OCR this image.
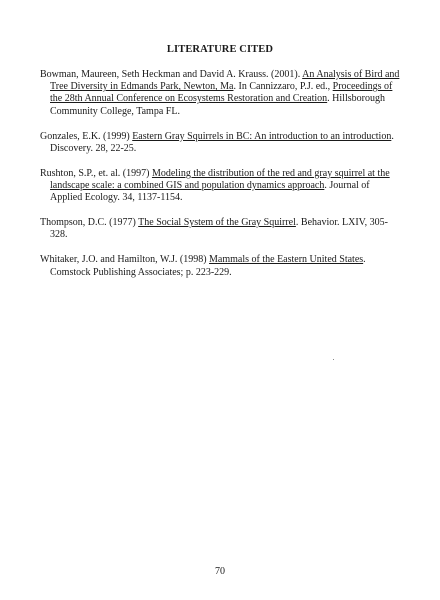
LITERATURE CITED
Bowman, Maureen, Seth Heckman and David A. Krauss. (2001). An Analysis of Bird and Tree Diversity in Edmands Park, Newton, Ma. In Cannizzaro, P.J. ed., Proceedings of the 28th Annual Conference on Ecosystems Restoration and Creation. Hillsborough Community College, Tampa FL.
Gonzales, E.K. (1999) Eastern Gray Squirrels in BC: An introduction to an introduction. Discovery. 28, 22-25.
Rushton, S.P., et. al. (1997) Modeling the distribution of the red and gray squirrel at the landscape scale: a combined GIS and population dynamics approach. Journal of Applied Ecology. 34, 1137-1154.
Thompson, D.C. (1977) The Social System of the Gray Squirrel. Behavior. LXIV, 305-328.
Whitaker, J.O. and Hamilton, W.J. (1998) Mammals of the Eastern United States. Comstock Publishing Associates; p. 223-229.
70
